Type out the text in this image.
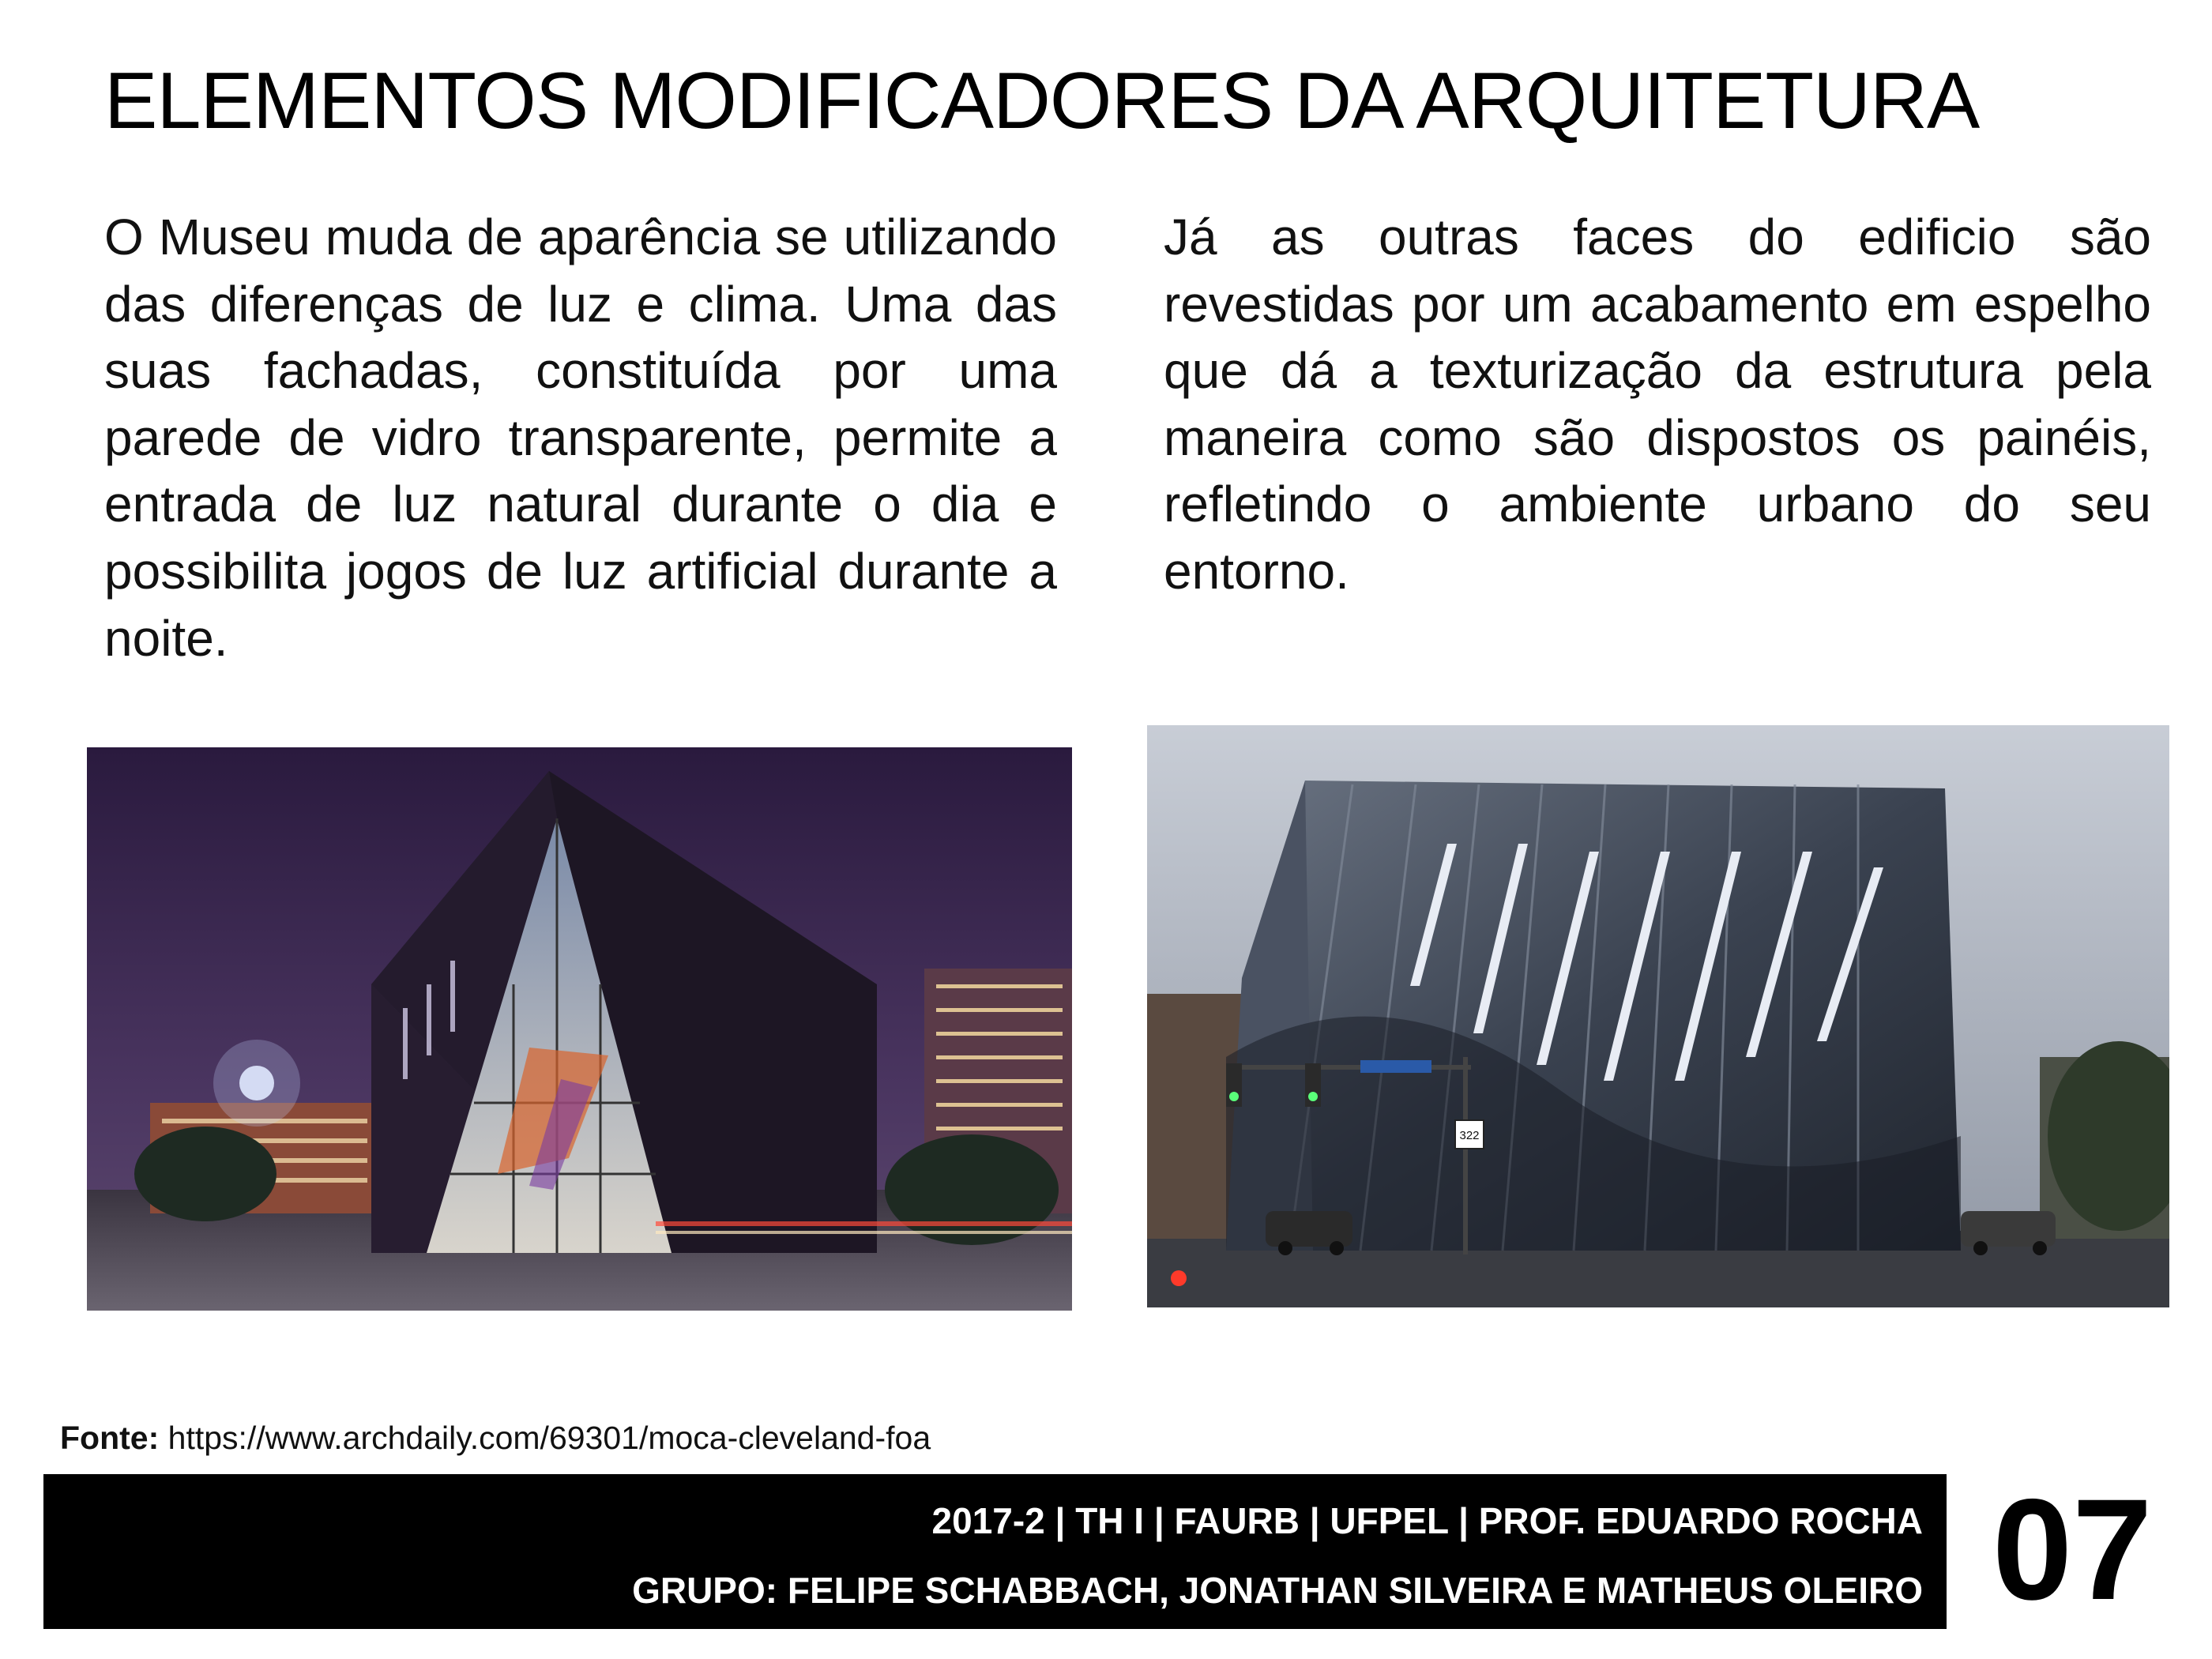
ELEMENTOS MODIFICADORES DA ARQUITETURA
O Museu muda de aparência se utilizando das diferenças de luz e clima. Uma das suas fachadas, constituída por uma parede de vidro transparente, permite a entrada de luz natural durante o dia e possibilita jogos de luz artificial durante a noite.
Já as outras faces do edificio são revestidas por um acabamento em espelho que dá a texturização da estrutura pela maneira como são dispostos os painéis, refletindo o ambiente urbano do seu entorno.
322
Fonte: https://www.archdaily.com/69301/moca-cleveland-foa
2017-2 | TH I | FAURB | UFPEL | PROF. EDUARDO ROCHA
GRUPO: FELIPE SCHABBACH, JONATHAN SILVEIRA E MATHEUS OLEIRO 07
